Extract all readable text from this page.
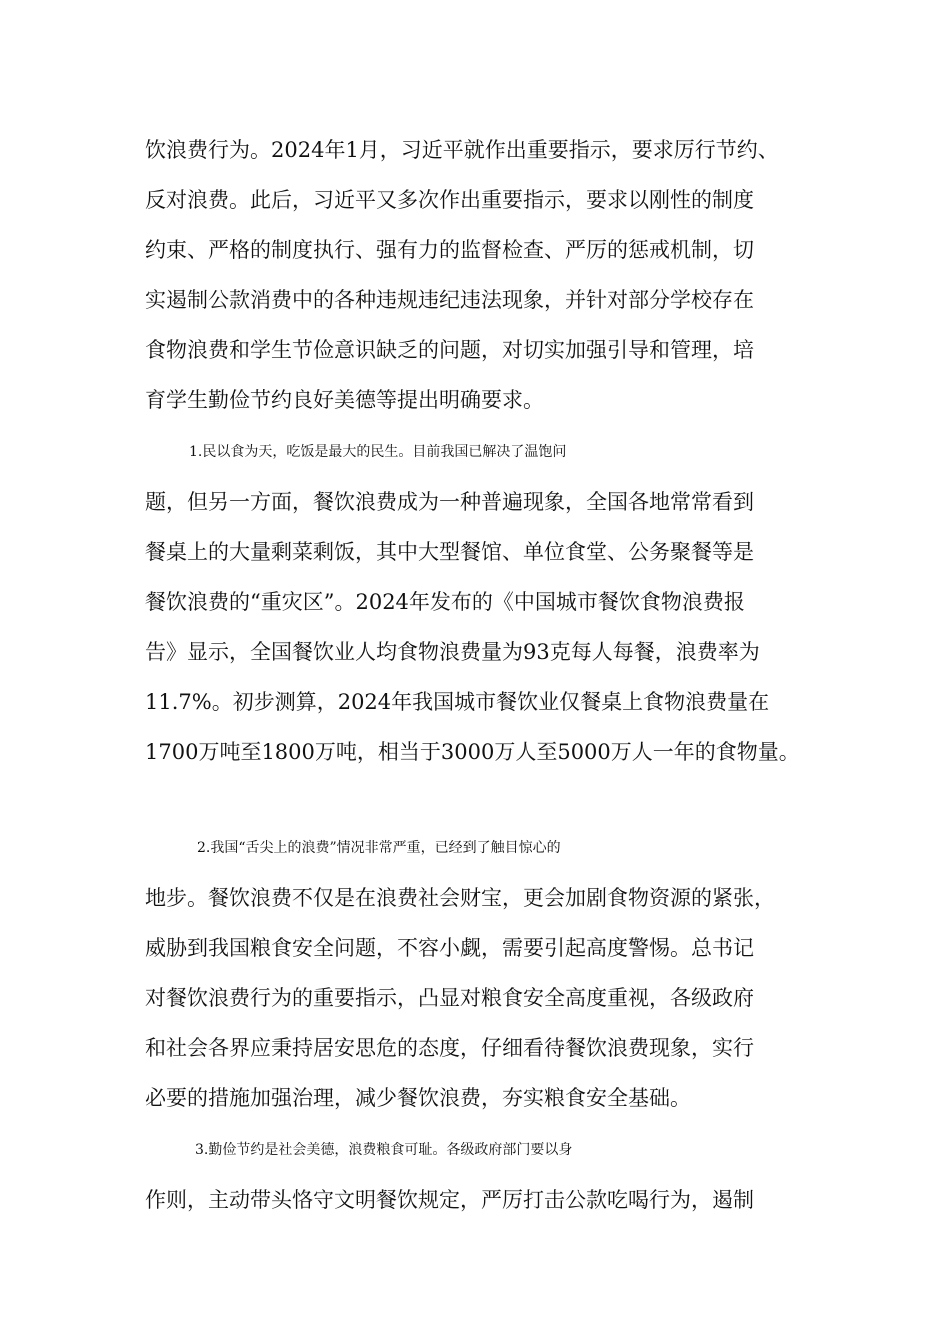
饮浪费行为。2024年1月，习近平就作出重要指示，要求厉行节约、
反对浪费。此后，习近平又多次作出重要指示，要求以刚性的制度
约束、严格的制度执行、强有力的监督检查、严厉的惩戒机制，切
实遏制公款消费中的各种违规违纪违法现象，并针对部分学校存在
食物浪费和学生节俭意识缺乏的问题，对切实加强引导和管理，培
育学生勤俭节约良好美德等提出明确要求。
1.民以食为天，吃饭是最大的民生。目前我国已解决了温饱问
题，但另一方面，餐饮浪费成为一种普遍现象，全国各地常常看到
餐桌上的大量剩菜剩饭，其中大型餐馆、单位食堂、公务聚餐等是
餐饮浪费的“重灾区”。2024年发布的《中国城市餐饮食物浪费报
告》显示，全国餐饮业人均食物浪费量为93克每人每餐，浪费率为
11.7%。初步测算，2024年我国城市餐饮业仅餐桌上食物浪费量在
1700万吨至1800万吨，相当于3000万人至5000万人一年的食物量。
2.我国“舌尖上的浪费”情况非常严重，已经到了触目惊心的
地步。餐饮浪费不仅是在浪费社会财宝，更会加剧食物资源的紧张，
威胁到我国粮食安全问题，不容小觑，需要引起高度警惕。总书记
对餐饮浪费行为的重要指示，凸显对粮食安全高度重视，各级政府
和社会各界应秉持居安思危的态度，仔细看待餐饮浪费现象，实行
必要的措施加强治理，减少餐饮浪费，夯实粮食安全基础。
3.勤俭节约是社会美德，浪费粮食可耻。各级政府部门要以身
作则，主动带头恪守文明餐饮规定，严厉打击公款吃喝行为，遏制
